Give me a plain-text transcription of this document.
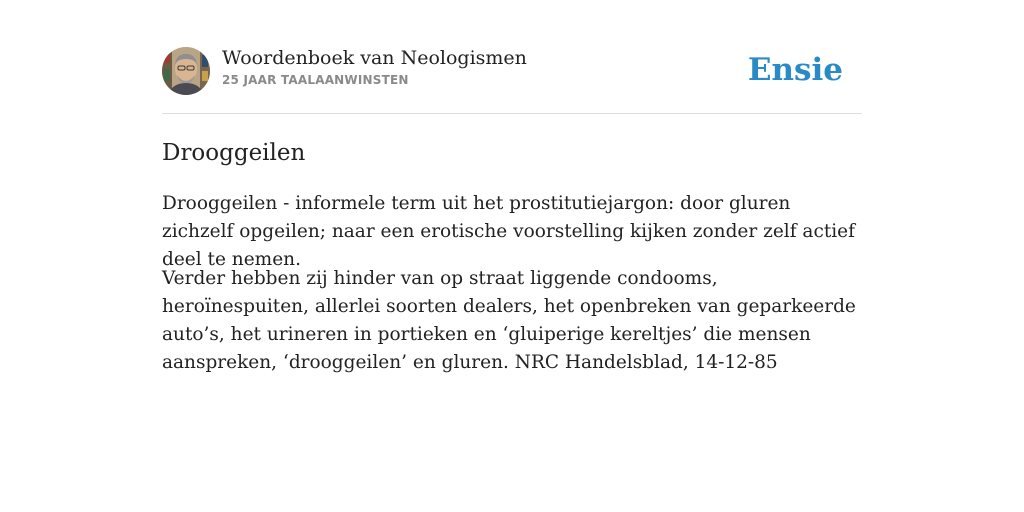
Woordenboek van Neologismen
25 JAAR TAALAANWINSTEN	Ensie
Drooggeilen

Drooggeilen - informele term uit het prostitutiejargon: door gluren zichzelf opgeilen; naar een erotische voorstelling kijken zonder zelf actief deel te nemen.

Verder hebben zij hinder van op straat liggende condooms, heroïnespuiten, allerlei soorten dealers, het openbreken van geparkeerde auto’s, het urineren in portieken en ‘gluiperige kereltjes’ die mensen aanspreken, ‘drooggeilen’ en gluren. NRC Handelsblad, 14-12-85
